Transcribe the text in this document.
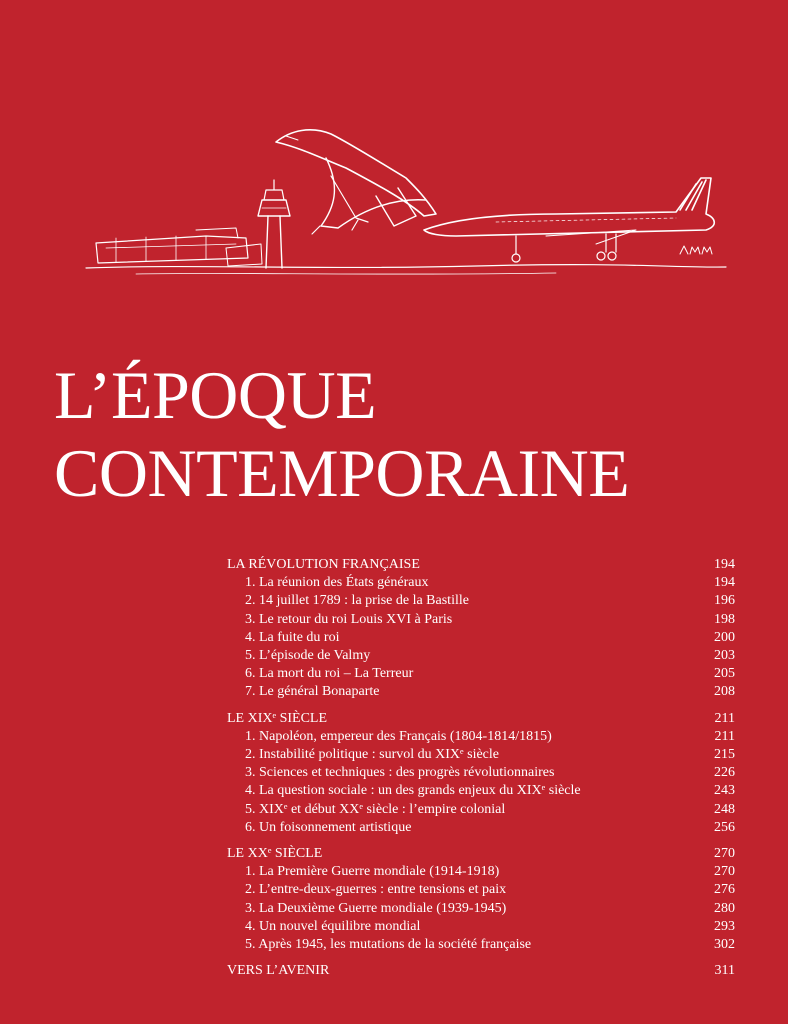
L’ÉPOQUE
CONTEMPORAINE
LA RÉVOLUTION FRANÇAISE	194
1. La réunion des États généraux	194
2. 14 juillet 1789 : la prise de la Bastille	196
3. Le retour du roi Louis XVI à Paris	198
4. La fuite du roi	200
5. L’épisode de Valmy	203
6. La mort du roi – La Terreur	205
7. Le général Bonaparte	208
LE XIXᵉ SIÈCLE	211
1. Napoléon, empereur des Français (1804-1814/1815)	211
2. Instabilité politique : survol du XIXᵉ siècle	215
3. Sciences et techniques : des progrès révolutionnaires	226
4. La question sociale : un des grands enjeux du XIXᵉ siècle	243
5. XIXᵉ et début XXᵉ siècle : l’empire colonial	248
6. Un foisonnement artistique	256
LE XXᵉ SIÈCLE	270
1. La Première Guerre mondiale (1914-1918)	270
2. L’entre-deux-guerres : entre tensions et paix	276
3. La Deuxième Guerre mondiale (1939-1945)	280
4. Un nouvel équilibre mondial	293
5. Après 1945, les mutations de la société française	302
VERS L’AVENIR	311
